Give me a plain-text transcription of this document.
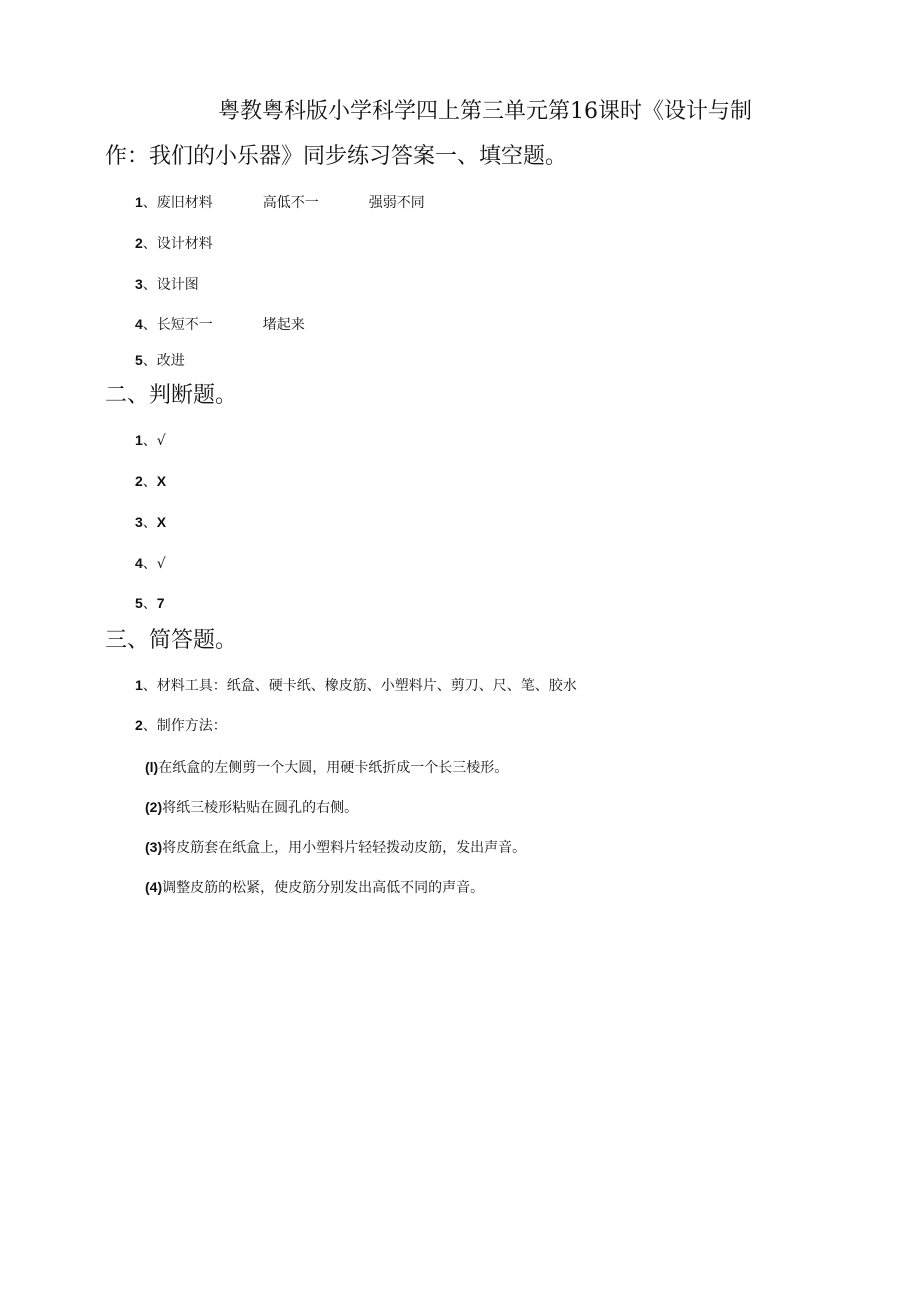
粤教粤科版小学科学四上第三单元第16课时《设计与制
作：我们的小乐器》同步练习答案一、填空题。
1、废旧材料	高低不一	强弱不同
2、设计材料
3、设计图
4、长短不一	堵起来
5、改进
二、判断题。
1、√
2、X
3、X
4、√
5、7
三、简答题。
1、材料工具：纸盒、硬卡纸、橡皮筋、小塑料片、剪刀、尺、笔、胶水
2、制作方法：
(l)在纸盒的左侧剪一个大圆，用硬卡纸折成一个长三棱形。
(2)将纸三棱形粘贴在圆孔的右侧。
(3)将皮筋套在纸盒上，用小塑料片轻轻拨动皮筋，发出声音。
(4)调整皮筋的松紧，使皮筋分别发出高低不同的声音。
